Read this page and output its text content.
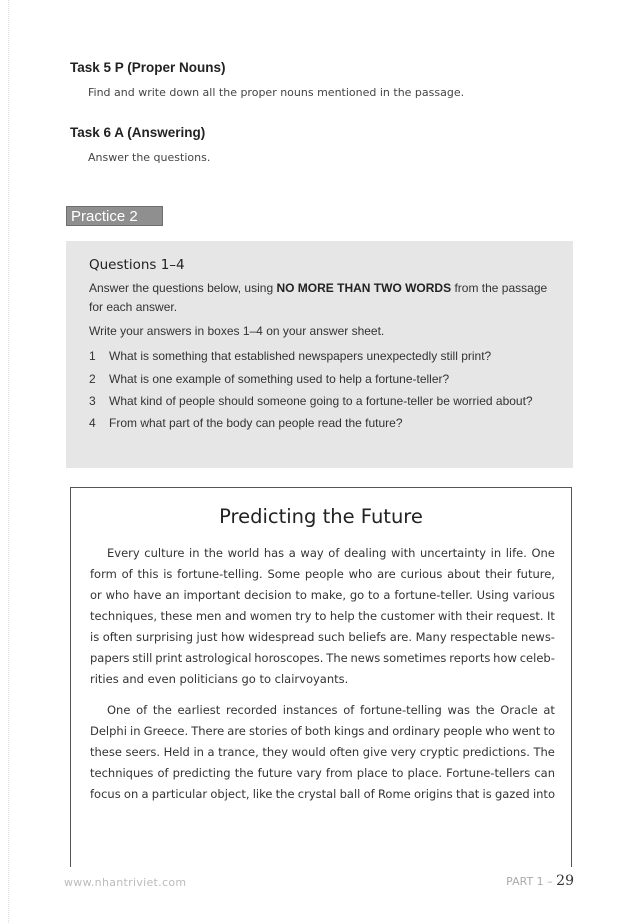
Task 5 P (Proper Nouns)
Find and write down all the proper nouns mentioned in the passage.
Task 6 A (Answering)
Answer the questions.
Practice 2
Questions 1–4
Answer the questions below, using NO MORE THAN TWO WORDS from the passage for each answer.
Write your answers in boxes 1–4 on your answer sheet.
1 What is something that established newspapers unexpectedly still print?
2 What is one example of something used to help a fortune-teller?
3 What kind of people should someone going to a fortune-teller be worried about?
4 From what part of the body can people read the future?
Predicting the Future
Every culture in the world has a way of dealing with uncertainty in life. One
form of this is fortune-telling. Some people who are curious about their future,
or who have an important decision to make, go to a fortune-teller. Using various
techniques, these men and women try to help the customer with their request. It
is often surprising just how widespread such beliefs are. Many respectable news-
papers still print astrological horoscopes. The news sometimes reports how celeb-
rities and even politicians go to clairvoyants.
One of the earliest recorded instances of fortune-telling was the Oracle at
Delphi in Greece. There are stories of both kings and ordinary people who went to
these seers. Held in a trance, they would often give very cryptic predictions. The
techniques of predicting the future vary from place to place. Fortune-tellers can
focus on a particular object, like the crystal ball of Rome origins that is gazed into
www.nhantriviet.com	PART 1 – 29
